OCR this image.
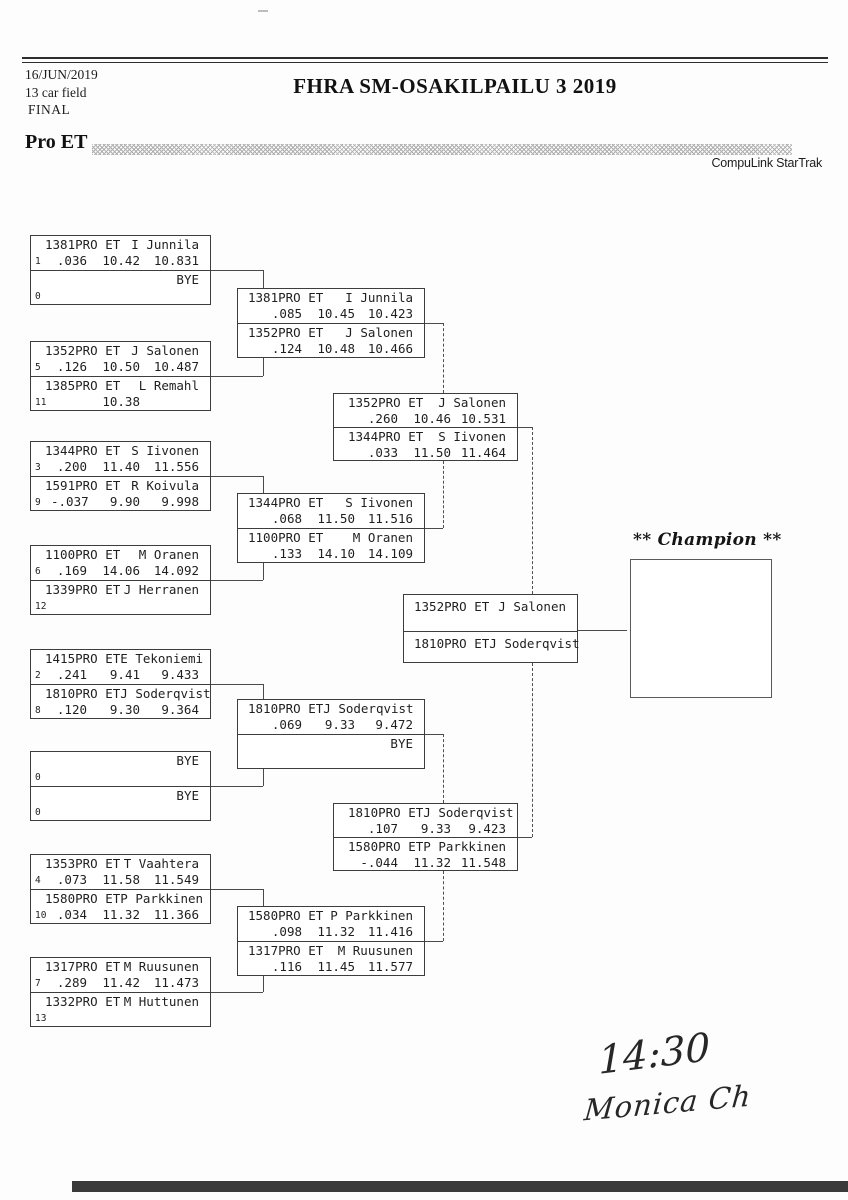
16/JUN/2019
13 car field
FINAL
FHRA SM-OSAKILPAILU 3 2019
Pro ET
CompuLink StarTrak
1381PRO ET I Junnila
1	.036	10.42	10.831
BYE
0
1352PRO ET J Salonen
5	.126	10.50	10.487
1385PRO ET	L Remahl
11	10.38
1344PRO ET S Iivonen
3	.200	11.40	11.556
1591PRO ET R Koivula
9 -.037	9.90	9.998
1100PRO ET	M Oranen
6	.169	14.06	14.092
1339PRO ET J Herranen
12
1415PRO ET E Tekoniemi
2	.241	9.41	9.433
1810PRO ET J Soderqvist
8	.120	9.30	9.364
BYE
0
BYE
0
1353PRO ET T Vaahtera
4	.073	11.58	11.549
1580PRO ET P Parkkinen
10 .034	11.32	11.366
1317PRO ET M Ruusunen
7	.289	11.42	11.473
1332PRO ET M Huttunen
13
1381PRO ET	I Junnila
.085	10.45	10.423
1352PRO ET	J Salonen
.124	10.48	10.466
1344PRO ET	S Iivonen
.068	11.50	11.516
1100PRO ET	M Oranen
.133	14.10	14.109
1810PRO ET J Soderqvist
.069	9.33	9.472
BYE
1580PRO ET P Parkkinen
.098	11.32	11.416
1317PRO ET	M Ruusunen
.116	11.45	11.577
1352PRO ET	J Salonen
.260	10.46 10.531
1344PRO ET	S Iivonen
.033	11.50 11.464
1810PRO ET J Soderqvist
.107	9.33	9.423
1580PRO ET P Parkkinen
-.044	11.32 11.548
1352PRO ET J Salonen
1810PRO ET J Soderqvist
** Champion **
14:30
Monica Ch
